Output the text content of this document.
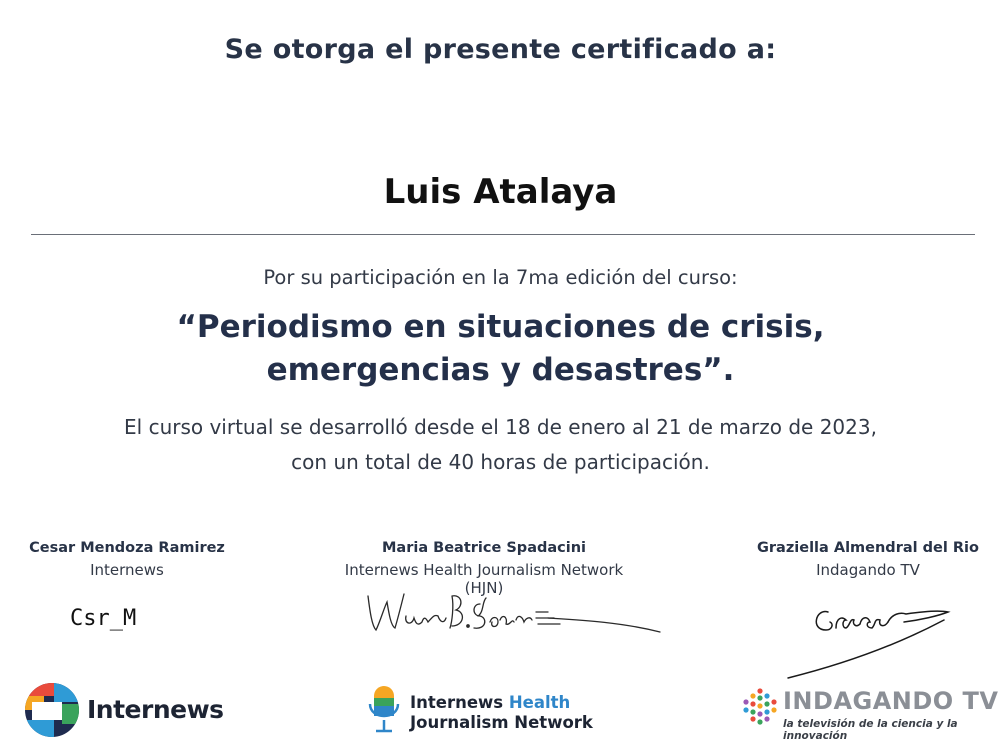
Se otorga el presente certificado a:
Luis Atalaya
Por su participación en la 7ma edición del curso:
“Periodismo en situaciones de crisis,
emergencias y desastres”.
El curso virtual se desarrolló desde el 18 de enero al 21 de marzo de 2023,
con un total de 40 horas de participación.
Cesar Mendoza Ramirez
Internews
Maria Beatrice Spadacini
Internews Health Journalism Network (HJN)
Graziella Almendral del Rio
Indagando TV
Csr_M
Internews	Internews Health
Journalism Network
INDAGANDO TV
la televisión de la ciencia y la innovación
